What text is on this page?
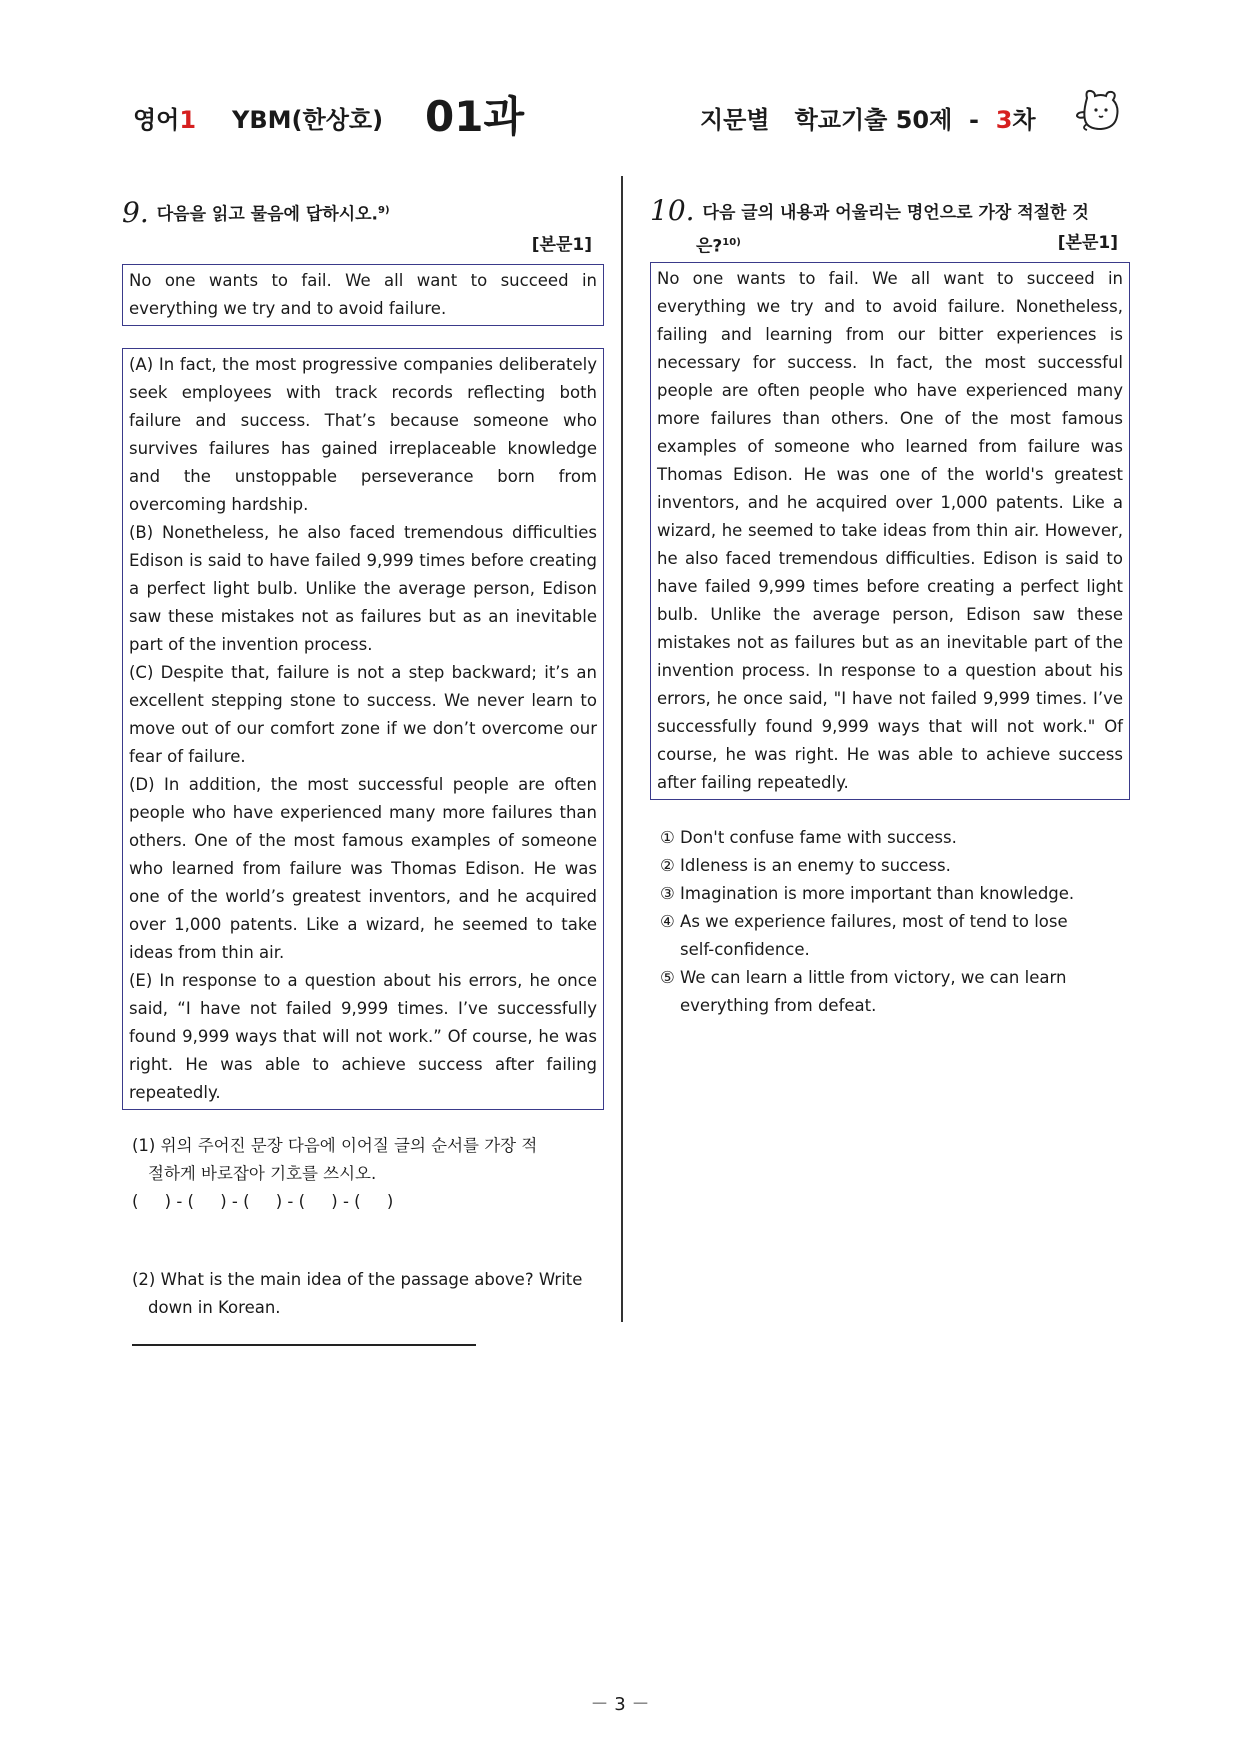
영어1 YBM(한상호) 01과	지문별   학교기출 50제  -  3차
9. 다음을 읽고 물음에 답하시오.$^{9)}$
[본문1]

No one wants to fail. We all want to succeed in everything we try and to avoid failure.

(A) In fact, the most progressive companies deliberately seek employees with track records reflecting both failure and success. That’s because someone who survives failures has gained irreplaceable knowledge and the unstoppable perseverance born from overcoming hardship.

(B) Nonetheless, he also faced tremendous difficulties Edison is said to have failed 9,999 times before creating a perfect light bulb. Unlike the average person, Edison saw these mistakes not as failures but as an inevitable part of the invention process.

(C) Despite that, failure is not a step backward; it’s an excellent stepping stone to success. We never learn to move out of our comfort zone if we don’t overcome our fear of failure.

(D) In addition, the most successful people are often people who have experienced many more failures than others. One of the most famous examples of someone who learned from failure was Thomas Edison. He was one of the world’s greatest inventors, and he acquired over 1,000 patents. Like a wizard, he seemed to take ideas from thin air.

(E) In response to a question about his errors, he once said, “I have not failed 9,999 times. I’ve successfully found 9,999 ways that will not work.” Of course, he was right. He was able to achieve success after failing repeatedly.

(1) 위의 주어진 문장 다음에 이어질 글의 순서를 가장 적
절하게 바로잡아 기호를 쓰시오.
(     ) - (     ) - (     ) - (     ) - (     )
(2) What is the main idea of the passage above? Write
down in Korean.
10. 다음 글의 내용과 어울리는 명언으로 가장 적절한 것
은?$^{10)}$	[본문1]

No one wants to fail. We all want to succeed in everything we try and to avoid failure. Nonetheless, failing and learning from our bitter experiences is necessary for success. In fact, the most successful people are often people who have experienced many more failures than others. One of the most famous examples of someone who learned from failure was Thomas Edison. He was one of the world's greatest inventors, and he acquired over 1,000 patents. Like a wizard, he seemed to take ideas from thin air. However, he also faced tremendous difficulties. Edison is said to have failed 9,999 times before creating a perfect light bulb. Unlike the average person, Edison saw these mistakes not as failures but as an inevitable part of the invention process. In response to a question about his errors, he once said, "I have not failed 9,999 times. I’ve successfully found 9,999 ways that will not work." Of course, he was right. He was able to achieve success after failing repeatedly.

① Don't confuse fame with success.
② Idleness is an enemy to success.
③ Imagination is more important than knowledge.
④ As we experience failures, most of tend to lose
self-confidence.
⑤ We can learn a little from victory, we can learn
everything from defeat.
－ 3 －
